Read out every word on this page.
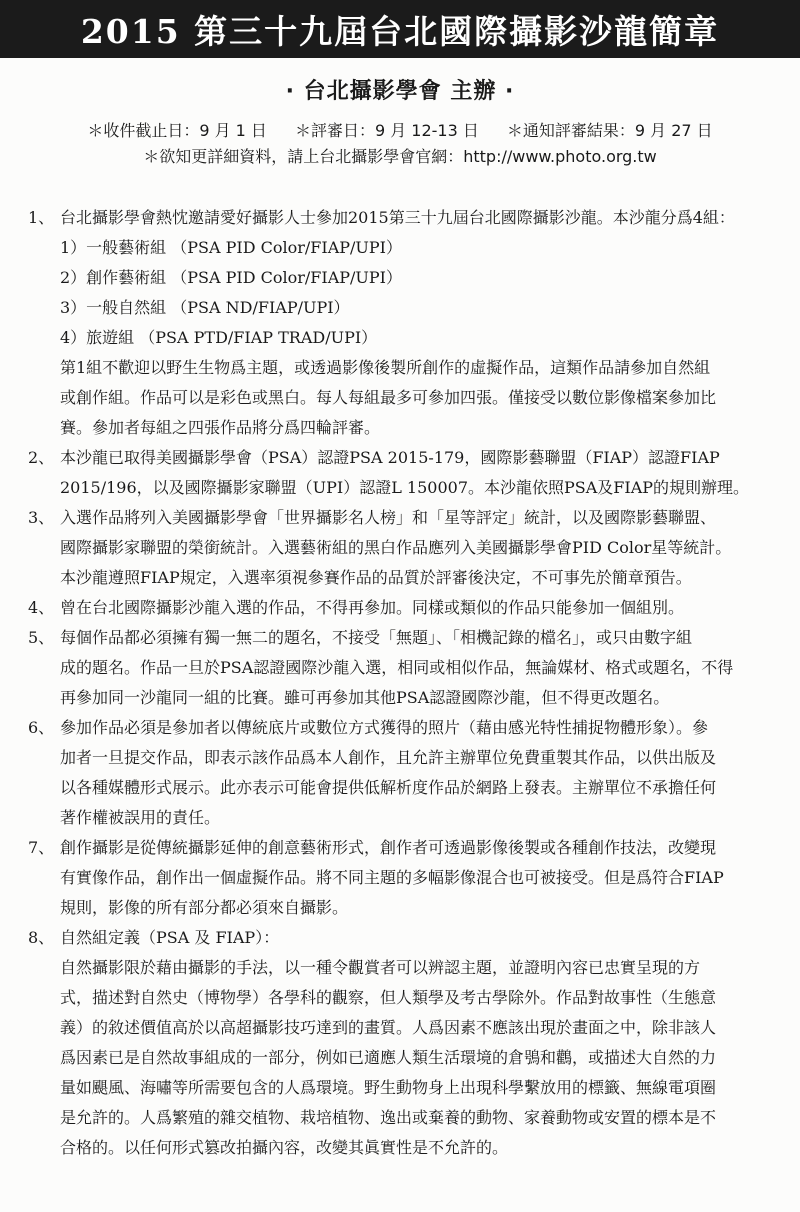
2015 第三十九屆台北國際攝影沙龍簡章
· 台北攝影學會 主辦 ·
＊收件截止日：9 月 1 日 ＊評審日：9 月 12-13 日 ＊通知評審結果：9 月 27 日
＊欲知更詳細資料，請上台北攝影學會官網：http://www.photo.org.tw
1、 台北攝影學會熱忱邀請愛好攝影人士參加2015第三十九屆台北國際攝影沙龍。本沙龍分爲4組：
1）一般藝術組 （PSA PID Color/FIAP/UPI）
2）創作藝術組 （PSA PID Color/FIAP/UPI）
3）一般自然組 （PSA ND/FIAP/UPI）
4）旅遊組 （PSA PTD/FIAP TRAD/UPI）
第1組不歡迎以野生生物爲主題，或透過影像後製所創作的虛擬作品，這類作品請參加自然組
或創作組。作品可以是彩色或黑白。每人每組最多可參加四張。僅接受以數位影像檔案參加比
賽。參加者每組之四張作品將分爲四輪評審。
2、 本沙龍已取得美國攝影學會（PSA）認證PSA 2015-179，國際影藝聯盟（FIAP）認證FIAP
2015/196，以及國際攝影家聯盟（UPI）認證L 150007。本沙龍依照PSA及FIAP的規則辦理。
3、 入選作品將列入美國攝影學會「世界攝影名人榜」和「星等評定」統計，以及國際影藝聯盟、
國際攝影家聯盟的榮銜統計。入選藝術組的黑白作品應列入美國攝影學會PID Color星等統計。
本沙龍遵照FIAP規定，入選率須視參賽作品的品質於評審後決定，不可事先於簡章預告。
4、 曾在台北國際攝影沙龍入選的作品，不得再參加。同樣或類似的作品只能參加一個組別。
5、 每個作品都必須擁有獨一無二的題名，不接受「無題」、「相機記錄的檔名」，或只由數字組
成的題名。作品一旦於PSA認證國際沙龍入選，相同或相似作品，無論媒材、格式或題名，不得
再參加同一沙龍同一組的比賽。雖可再參加其他PSA認證國際沙龍，但不得更改題名。
6、 參加作品必須是參加者以傳統底片或數位方式獲得的照片（藉由感光特性捕捉物體形象）。參
加者一旦提交作品，即表示該作品爲本人創作，且允許主辦單位免費重製其作品，以供出版及
以各種媒體形式展示。此亦表示可能會提供低解析度作品於網路上發表。主辦單位不承擔任何
著作權被誤用的責任。
7、 創作攝影是從傳統攝影延伸的創意藝術形式，創作者可透過影像後製或各種創作技法，改變現
有實像作品，創作出一個虛擬作品。將不同主題的多幅影像混合也可被接受。但是爲符合FIAP
規則，影像的所有部分都必須來自攝影。
8、 自然組定義（PSA 及 FIAP）：
自然攝影限於藉由攝影的手法，以一種令觀賞者可以辨認主題，並證明內容已忠實呈現的方
式，描述對自然史（博物學）各學科的觀察，但人類學及考古學除外。作品對故事性（生態意
義）的敘述價值高於以高超攝影技巧達到的畫質。人爲因素不應該出現於畫面之中，除非該人
爲因素已是自然故事組成的一部分，例如已適應人類生活環境的倉鴞和鸛，或描述大自然的力
量如颶風、海嘯等所需要包含的人爲環境。野生動物身上出現科學繫放用的標籤、無線電項圈
是允許的。人爲繁殖的雜交植物、栽培植物、逸出或棄養的動物、家養動物或安置的標本是不
合格的。以任何形式篡改拍攝內容，改變其眞實性是不允許的。
